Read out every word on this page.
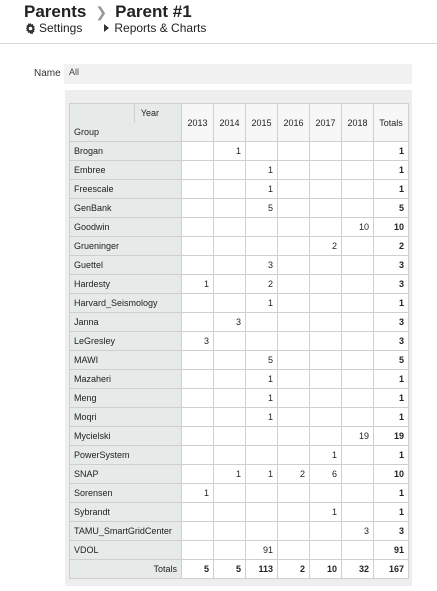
Parents ❯ Parent #1
Settings	Reports & Charts
Name All
Year
Group	2013	2014	2015	2016	2017	2018	Totals
Brogan		1					1
Embree			1				1
Freescale			1				1
GenBank			5				5
Goodwin						10	10
Grueninger					2		2
Guettel			3				3
Hardesty	1		2				3
Harvard_Seismology			1				1
Janna		3					3
LeGresley	3						3
MAWI			5				5
Mazaheri			1				1
Meng			1				1
Moqri			1				1
Mycielski						19	19
PowerSystem					1		1
SNAP		1	1	2	6		10
Sorensen	1						1
Sybrandt					1		1
TAMU_SmartGridCenter						3	3
VDOL			91				91
Totals	5	5	113	2	10	32	167
